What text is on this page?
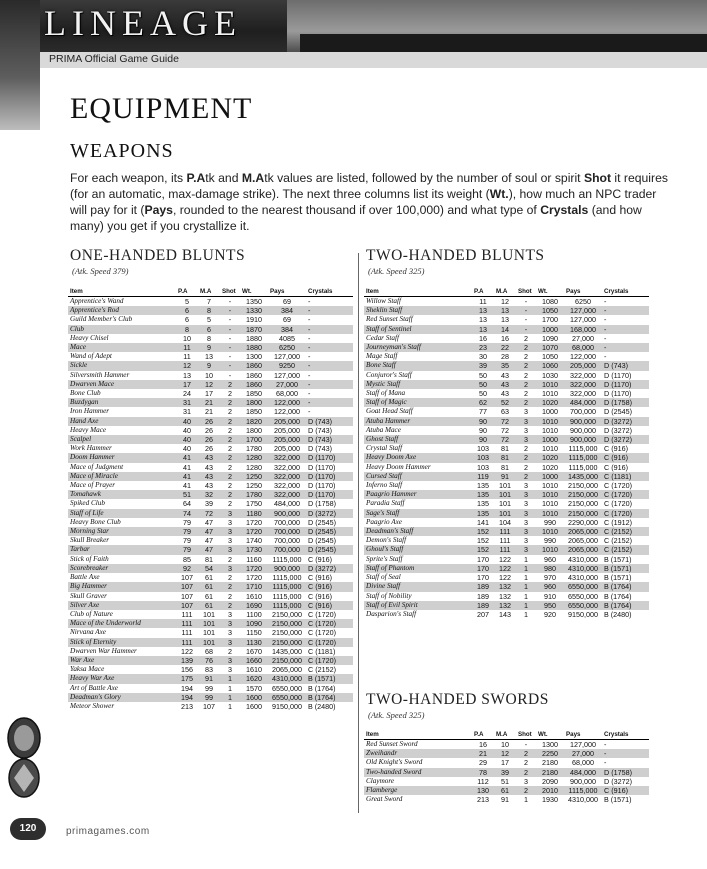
LINEAGE
PRIMA Official Game Guide
EQUIPMENT
WEAPONS
For each weapon, its P.Atk and M.Atk values are listed, followed by the number of soul or spirit Shot it requires (for an automatic, max-damage strike). The next three columns list its weight (Wt.), how much an NPC trader will pay for it (Pays, rounded to the nearest thousand if over 100,000) and what type of Crystals (and how many) you get if you crystallize it.
ONE-HANDED BLUNTS
(Atk. Speed 379)
Item	P.A	M.A	Shot	Wt.	Pays	Crystals
Apprentice's Wand	5	7	-	1350	69	-
Apprentice's Rod	6	8	-	1330	384	-
Guild Member's Club	6	5	-	1910	69	-
Club	8	6	-	1870	384	-
Heavy Chisel	10	8	-	1880	4085	-
Mace	11	9	-	1880	6250	-
Wand of Adept	11	13	-	1300	127,000	-
Sickle	12	9	-	1860	9250	-
Silversmith Hammer	13	10	-	1860	127,000	-
Dwarven Mace	17	12	2	1860	27,000	-
Bone Club	24	17	2	1850	68,000	-
Buzdygan	31	21	2	1800	122,000	-
Iron Hammer	31	21	2	1850	122,000	-
Hand Axe	40	26	2	1820	205,000	D (743)
Heavy Mace	40	26	2	1800	205,000	D (743)
Scalpel	40	26	2	1700	205,000	D (743)
Work Hammer	40	26	2	1780	205,000	D (743)
Doom Hammer	41	43	2	1280	322,000	D (1170)
Mace of Judgment	41	43	2	1280	322,000	D (1170)
Mace of Miracle	41	43	2	1250	322,000	D (1170)
Mace of Prayer	41	43	2	1250	322,000	D (1170)
Tomahawk	51	32	2	1780	322,000	D (1170)
Spiked Club	64	39	2	1750	484,000	D (1758)
Staff of Life	74	72	3	1180	900,000	D (3272)
Heavy Bone Club	79	47	3	1720	700,000	D (2545)
Morning Star	79	47	3	1720	700,000	D (2545)
Skull Breaker	79	47	3	1740	700,000	D (2545)
Tarbar	79	47	3	1730	700,000	D (2545)
Stick of Faith	85	81	2	1160	1115,000	C (916)
Scorebreaker	92	54	3	1720	900,000	D (3272)
Battle Axe	107	61	2	1720	1115,000	C (916)
Big Hammer	107	61	2	1710	1115,000	C (916)
Skull Graver	107	61	2	1610	1115,000	C (916)
Silver Axe	107	61	2	1690	1115,000	C (916)
Club of Nature	111	101	3	1100	2150,000	C (1720)
Mace of the Underworld	111	101	3	1090	2150,000	C (1720)
Nirvana Axe	111	101	3	1150	2150,000	C (1720)
Stick of Eternity	111	101	3	1130	2150,000	C (1720)
Dwarven War Hammer	122	68	2	1670	1435,000	C (1181)
War Axe	139	76	3	1660	2150,000	C (1720)
Yaksa Mace	156	83	3	1610	2065,000	C (2152)
Heavy War Axe	175	91	1	1620	4310,000	B (1571)
Art of Battle Axe	194	99	1	1570	6550,000	B (1764)
Deadman's Glory	194	99	1	1600	6550,000	B (1764)
Meteor Shower	213	107	1	1600	9150,000	B (2480)
TWO-HANDED BLUNTS
(Atk. Speed 325)
Item	P.A	M.A	Shot	Wt.	Pays	Crystals
Willow Staff	11	12	-	1080	6250	-
Sheklin Staff	13	13	-	1050	127,000	-
Red Sunset Staff	13	13	-	1700	127,000	-
Staff of Sentinel	13	14	-	1000	168,000	-
Cedar Staff	16	16	2	1090	27,000	-
Journeyman's Staff	23	22	2	1070	68,000	-
Mage Staff	30	28	2	1050	122,000	-
Bone Staff	39	35	2	1060	205,000	D (743)
Conjuror's Staff	50	43	2	1030	322,000	D (1170)
Mystic Staff	50	43	2	1010	322,000	D (1170)
Staff of Mana	50	43	2	1010	322,000	D (1170)
Staff of Magic	62	52	2	1020	484,000	D (1758)
Goat Head Staff	77	63	3	1000	700,000	D (2545)
Atuba Hammer	90	72	3	1010	900,000	D (3272)
Atuba Mace	90	72	3	1010	900,000	D (3272)
Ghost Staff	90	72	3	1000	900,000	D (3272)
Crystal Staff	103	81	2	1010	1115,000	C (916)
Heavy Doom Axe	103	81	2	1020	1115,000	C (916)
Heavy Doom Hammer	103	81	2	1020	1115,000	C (916)
Cursed Staff	119	91	2	1000	1435,000	C (1181)
Inferno Staff	135	101	3	1010	2150,000	C (1720)
Paagrio Hammer	135	101	3	1010	2150,000	C (1720)
Paradia Staff	135	101	3	1010	2150,000	C (1720)
Sage's Staff	135	101	3	1010	2150,000	C (1720)
Paagrio Axe	141	104	3	990	2290,000	C (1912)
Deadman's Staff	152	111	3	1010	2065,000	C (2152)
Demon's Staff	152	111	3	990	2065,000	C (2152)
Ghoul's Staff	152	111	3	1010	2065,000	C (2152)
Sprite's Staff	170	122	1	960	4310,000	B (1571)
Staff of Phantom	170	122	1	980	4310,000	B (1571)
Staff of Seal	170	122	1	970	4310,000	B (1571)
Divine Staff	189	132	1	960	6550,000	B (1764)
Staff of Nobility	189	132	1	910	6550,000	B (1764)
Staff of Evil Spirit	189	132	1	950	6550,000	B (1764)
Dasparion's Staff	207	143	1	920	9150,000	B (2480)
TWO-HANDED SWORDS
(Atk. Speed 325)
Item	P.A	M.A	Shot	Wt.	Pays	Crystals
Red Sunset Sword	16	10	-	1300	127,000	-
Zweihandr	21	12	2	2250	27,000	-
Old Knight's Sword	29	17	2	2180	68,000	-
Two-handed Sword	78	39	2	2180	484,000	D (1758)
Claymore	112	51	3	2090	900,000	D (3272)
Flamberge	130	61	2	2010	1115,000	C (916)
Great Sword	213	91	1	1930	4310,000	B (1571)
120	primagames.com
